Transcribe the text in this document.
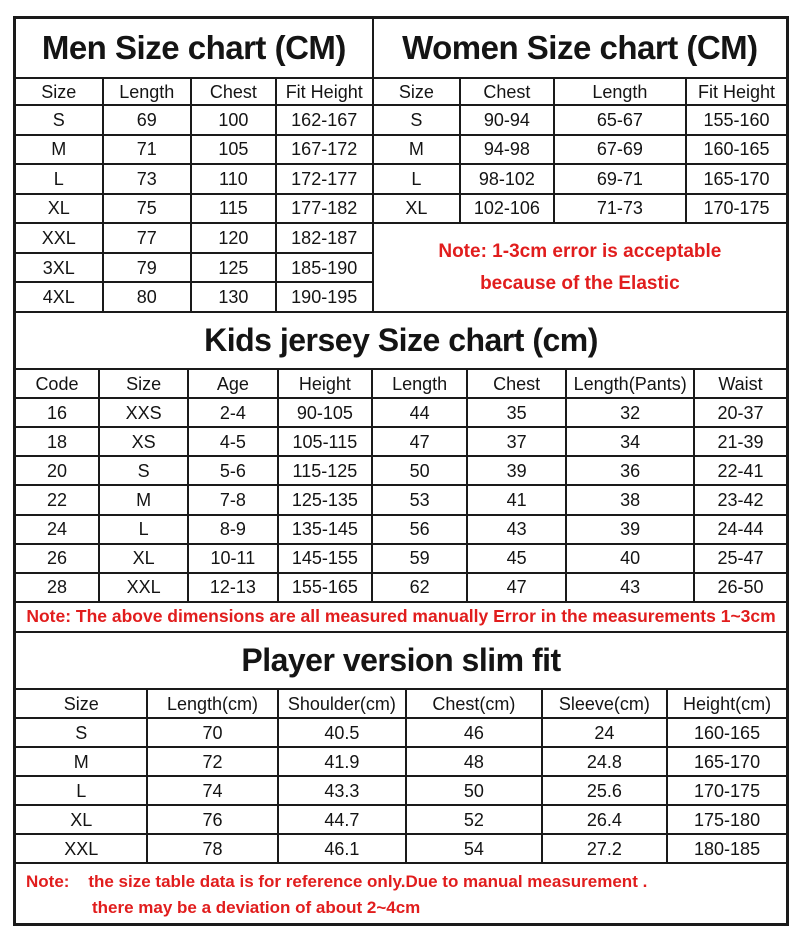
Men Size chart (CM)
Size	Length	Chest	Fit Height
S	69	100	162-167
M	71	105	167-172
L	73	110	172-177
XL	75	115	177-182
XXL	77	120	182-187
3XL	79	125	185-190
4XL	80	130	190-195
Women Size chart (CM)
Size	Chest	Length	Fit Height
S	90-94	65-67	155-160
M	94-98	67-69	160-165
L	98-102	69-71	165-170
XL	102-106	71-73	170-175
Note: 1-3cm error is acceptable because of the Elastic
Kids jersey Size chart (cm)
Code	Size	Age	Height	Length	Chest	Length(Pants)	Waist
16	XXS	2-4	90-105	44	35	32	20-37
18	XS	4-5	105-115	47	37	34	21-39
20	S	5-6	115-125	50	39	36	22-41
22	M	7-8	125-135	53	41	38	23-42
24	L	8-9	135-145	56	43	39	24-44
26	XL	10-11	145-155	59	45	40	25-47
28	XXL	12-13	155-165	62	47	43	26-50
Note: The above dimensions are all measured manually Error in the measurements 1~3cm
Player version slim fit
Size	Length(cm)	Shoulder(cm)	Chest(cm)	Sleeve(cm)	Height(cm)
S	70	40.5	46	24	160-165
M	72	41.9	48	24.8	165-170
L	74	43.3	50	25.6	170-175
XL	76	44.7	52	26.4	175-180
XXL	78	46.1	54	27.2	180-185
Note:    the size table data is for reference only.Due to manual measurement .
there may be a deviation of about 2~4cm
